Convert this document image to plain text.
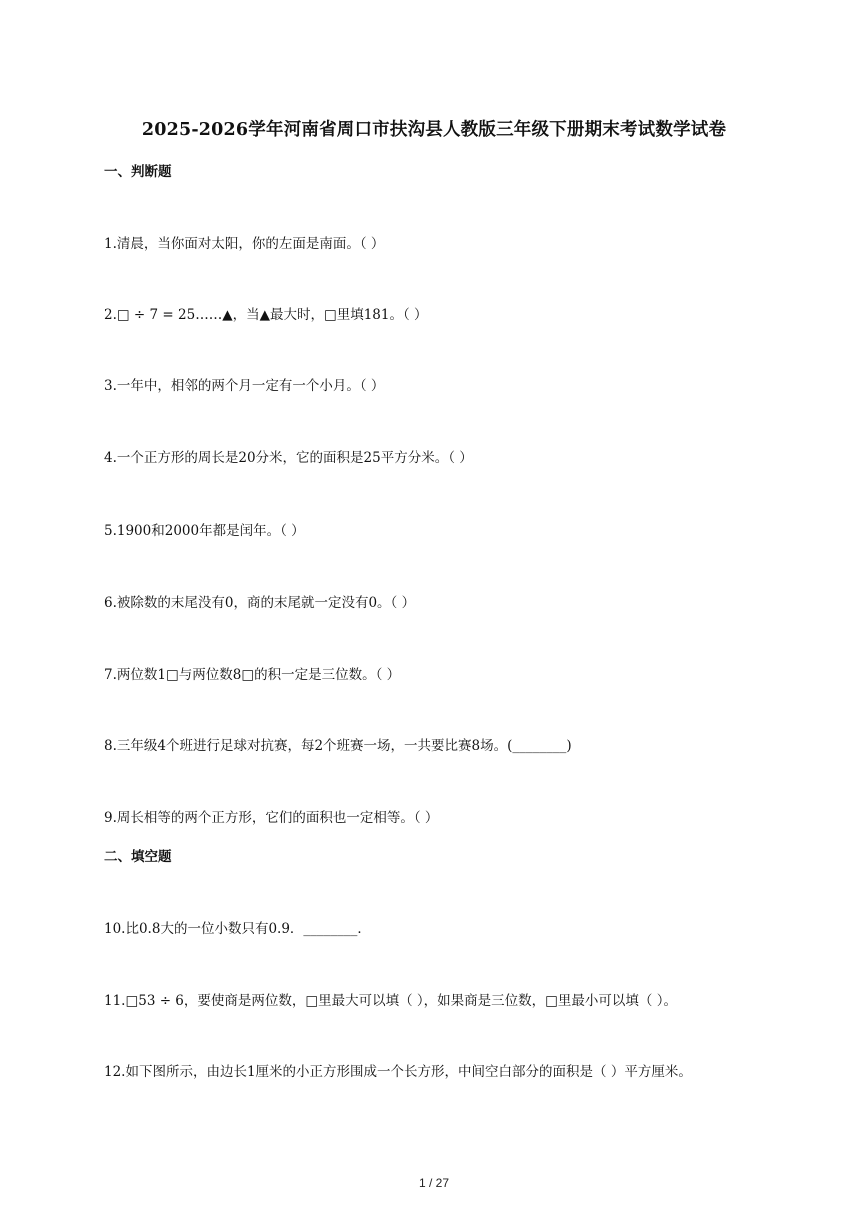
2025-2026学年河南省周口市扶沟县人教版三年级下册期末考试数学试卷
一、判断题
1.清晨，当你面对太阳，你的左面是南面。（ ）
2.□ ÷ 7 = 25……▲，当▲最大时，□里填181。（ ）
3.一年中，相邻的两个月一定有一个小月。（ ）
4.一个正方形的周长是20分米，它的面积是25平方分米。（ ）
5.1900和2000年都是闰年。（ ）
6.被除数的末尾没有0，商的末尾就一定没有0。（ ）
7.两位数1□与两位数8□的积一定是三位数。（ ）
8.三年级4个班进行足球对抗赛，每2个班赛一场，一共要比赛8场。(________)
9.周长相等的两个正方形，它们的面积也一定相等。（ ）
二、填空题
10.比0.8大的一位小数只有0.9．________．
11.□53 ÷ 6，要使商是两位数，□里最大可以填（ ），如果商是三位数，□里最小可以填（ ）。
12.如下图所示，由边长1厘米的小正方形围成一个长方形，中间空白部分的面积是（ ）平方厘米。
1 / 27
